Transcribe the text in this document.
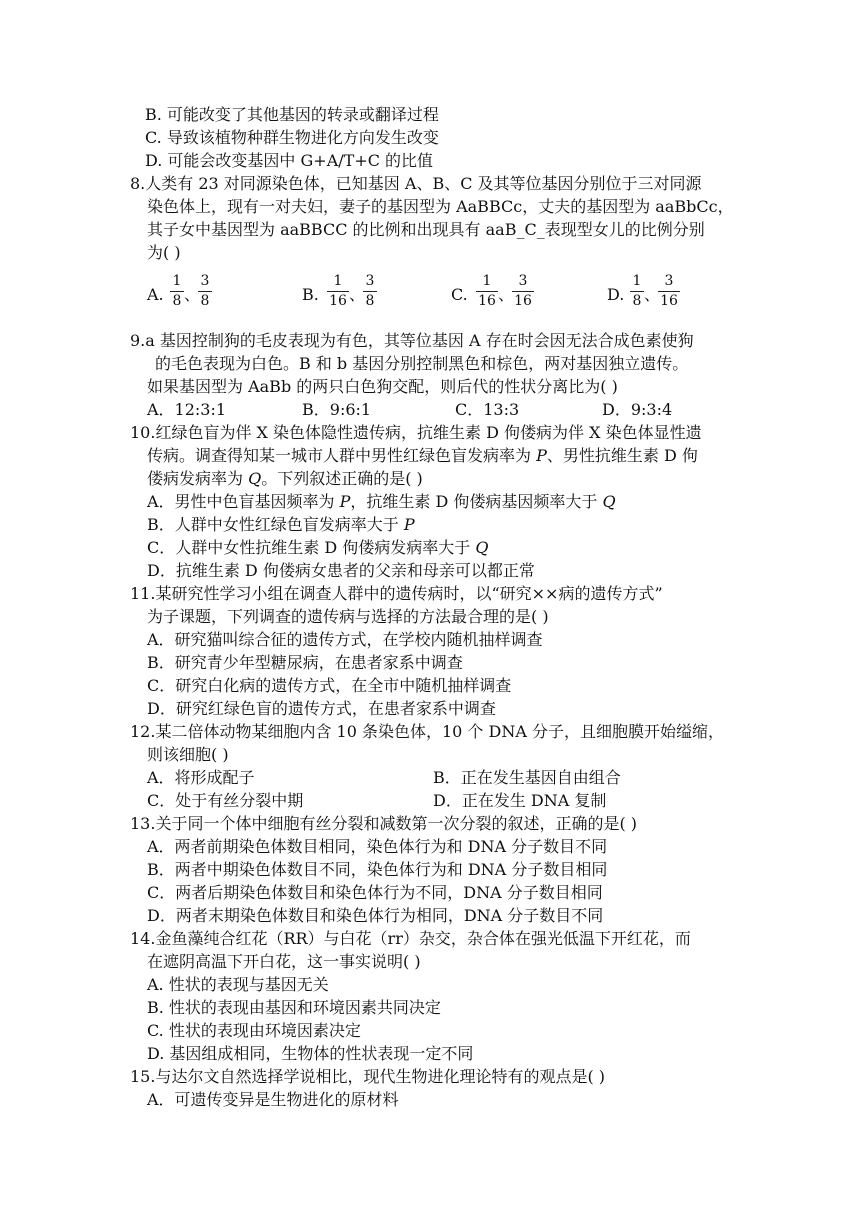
B. 可能改变了其他基因的转录或翻译过程
C. 导致该植物种群生物进化方向发生改变
D. 可能会改变基因中 G+A/T+C 的比值
8.人类有 23 对同源染色体，已知基因 A、B、C 及其等位基因分别位于三对同源
染色体上，现有一对夫妇，妻子的基因型为 AaBBCc，丈夫的基因型为 aaBbCc，
其子女中基因型为 aaBBCC 的比例和出现具有 aaB_C_表现型女儿的比例分别
为( )
A.
1
8 、
3
8	B.
1
16 、
3
8	C.
1
16 、
3
16	D.
1
8 、
3
16
9.a 基因控制狗的毛皮表现为有色，其等位基因 A 存在时会因无法合成色素使狗
的毛色表现为白色。B 和 b 基因分别控制黑色和棕色，两对基因独立遗传。
如果基因型为 AaBb 的两只白色狗交配，则后代的性状分离比为( )
A．12:3:1	B．9:6:1	C．13:3	D．9:3:4
10.红绿色盲为伴 X 染色体隐性遗传病，抗维生素 D 佝偻病为伴 X 染色体显性遗
传病。调查得知某一城市人群中男性红绿色盲发病率为 P、男性抗维生素 D 佝
偻病发病率为 Q。下列叙述正确的是( )
A．男性中色盲基因频率为 P，抗维生素 D 佝偻病基因频率大于 Q
B．人群中女性红绿色盲发病率大于 P
C．人群中女性抗维生素 D 佝偻病发病率大于 Q
D．抗维生素 D 佝偻病女患者的父亲和母亲可以都正常
11.某研究性学习小组在调查人群中的遗传病时，以“研究××病的遗传方式”
为子课题，下列调查的遗传病与选择的方法最合理的是( )
A．研究猫叫综合征的遗传方式，在学校内随机抽样调查
B．研究青少年型糖尿病，在患者家系中调查
C．研究白化病的遗传方式，在全市中随机抽样调查
D．研究红绿色盲的遗传方式，在患者家系中调查
12.某二倍体动物某细胞内含 10 条染色体，10 个 DNA 分子，且细胞膜开始缢缩，
则该细胞( )
A．将形成配子	B．正在发生基因自由组合
C．处于有丝分裂中期	D．正在发生 DNA 复制
13.关于同一个体中细胞有丝分裂和减数第一次分裂的叙述，正确的是( )
A．两者前期染色体数目相同，染色体行为和 DNA 分子数目不同
B．两者中期染色体数目不同，染色体行为和 DNA 分子数目相同
C．两者后期染色体数目和染色体行为不同，DNA 分子数目相同
D．两者末期染色体数目和染色体行为相同，DNA 分子数目不同
14.金鱼藻纯合红花（RR）与白花（rr）杂交，杂合体在强光低温下开红花，而
在遮阴高温下开白花，这一事实说明( )
A. 性状的表现与基因无关
B. 性状的表现由基因和环境因素共同决定
C. 性状的表现由环境因素决定
D. 基因组成相同，生物体的性状表现一定不同
15.与达尔文自然选择学说相比，现代生物进化理论特有的观点是( )
A．可遗传变异是生物进化的原材料
